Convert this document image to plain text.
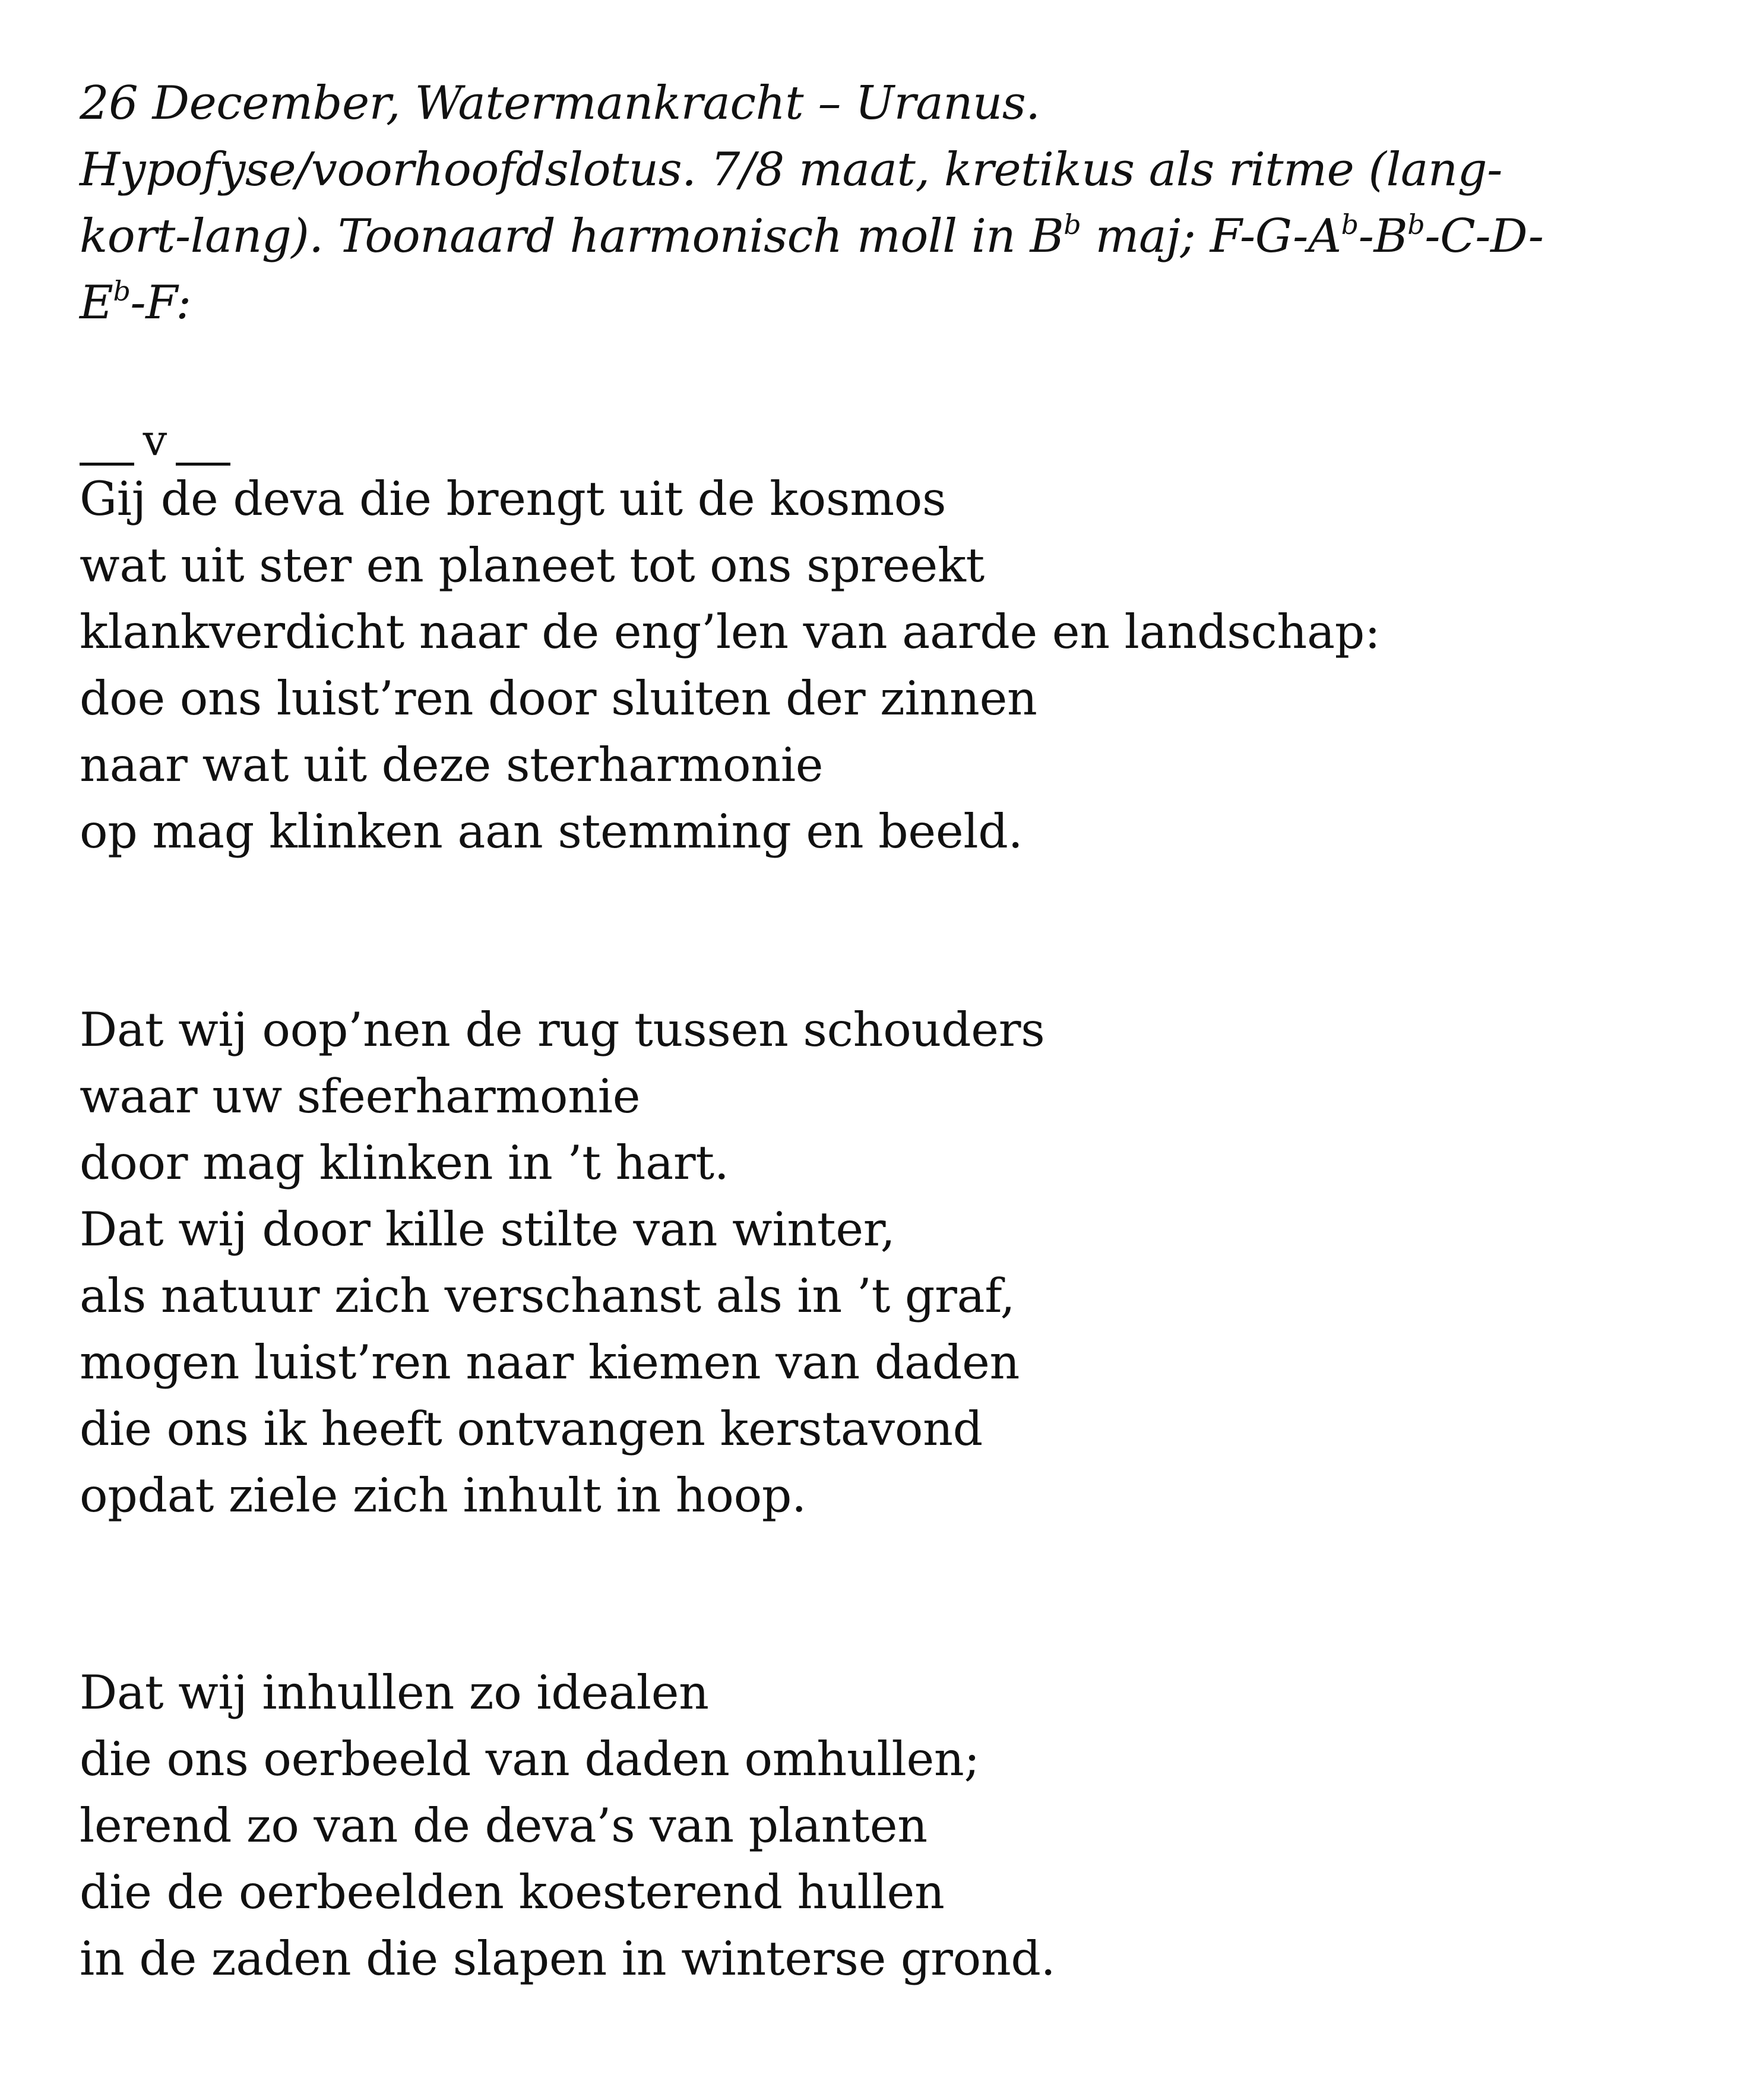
26 December, Watermankracht – Uranus.
Hypofyse/voorhoofdslotus. 7/8 maat, kretikus als ritme (lang-
kort-lang). Toonaard harmonisch moll in $B^b$ maj; $F-G-A^b-B^b-C-D-$
$E^b-F$:
v
Gij de deva die brengt uit de kosmos
wat uit ster en planeet tot ons spreekt
klankverdicht naar de eng’len van aarde en landschap:
doe ons luist’ren door sluiten der zinnen
naar wat uit deze sterharmonie
op mag klinken aan stemming en beeld.
Dat wij oop’nen de rug tussen schouders
waar uw sfeerharmonie
door mag klinken in ’t hart.
Dat wij door kille stilte van winter,
als natuur zich verschanst als in ’t graf,
mogen luist’ren naar kiemen van daden
die ons ik heeft ontvangen kerstavond
opdat ziele zich inhult in hoop.
Dat wij inhullen zo idealen
die ons oerbeeld van daden omhullen;
lerend zo van de deva’s van planten
die de oerbeelden koesterend hullen
in de zaden die slapen in winterse grond.
